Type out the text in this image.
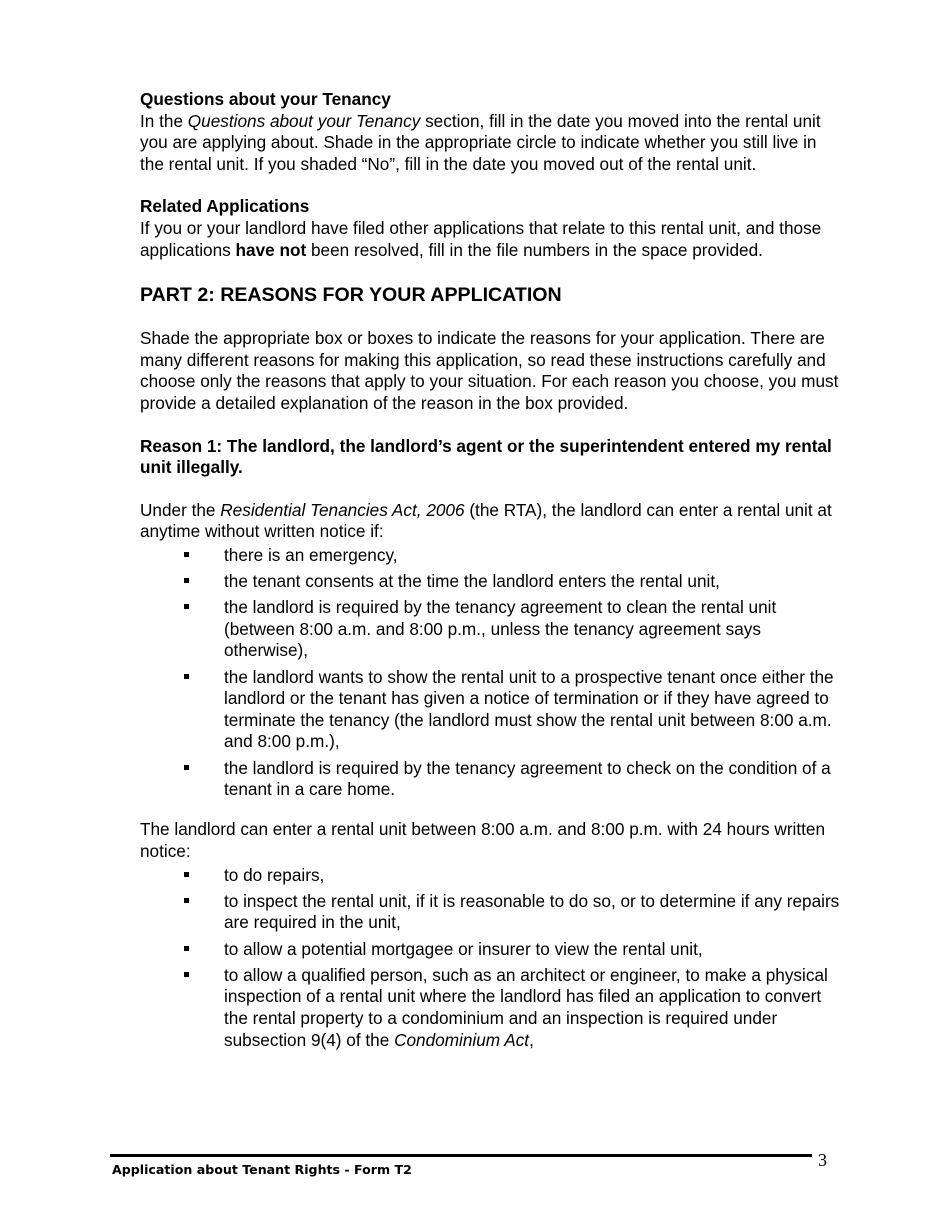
Questions about your Tenancy

In the Questions about your Tenancy section, fill in the date you moved into the rental unit you are applying about. Shade in the appropriate circle to indicate whether you still live in the rental unit. If you shaded “No”, fill in the date you moved out of the rental unit.

Related Applications

If you or your landlord have filed other applications that relate to this rental unit, and those applications have not been resolved, fill in the file numbers in the space provided.

PART 2: REASONS FOR YOUR APPLICATION

Shade the appropriate box or boxes to indicate the reasons for your application. There are many different reasons for making this application, so read these instructions carefully and choose only the reasons that apply to your situation. For each reason you choose, you must provide a detailed explanation of the reason in the box provided.

Reason 1: The landlord, the landlord’s agent or the superintendent entered my rental unit illegally.

Under the Residential Tenancies Act, 2006 (the RTA), the landlord can enter a rental unit at anytime without written notice if:

there is an emergency,
the tenant consents at the time the landlord enters the rental unit,
the landlord is required by the tenancy agreement to clean the rental unit (between 8:00 a.m. and 8:00 p.m., unless the tenancy agreement says otherwise),
the landlord wants to show the rental unit to a prospective tenant once either the landlord or the tenant has given a notice of termination or if they have agreed to terminate the tenancy (the landlord must show the rental unit between 8:00 a.m. and 8:00 p.m.),
the landlord is required by the tenancy agreement to check on the condition of a tenant in a care home.

The landlord can enter a rental unit between 8:00 a.m. and 8:00 p.m. with 24 hours written notice:

to do repairs,
to inspect the rental unit, if it is reasonable to do so, or to determine if any repairs are required in the unit,
to allow a potential mortgagee or insurer to view the rental unit,
to allow a qualified person, such as an architect or engineer, to make a physical inspection of a rental unit where the landlord has filed an application to convert the rental property to a condominium and an inspection is required under subsection 9(4) of the Condominium Act,
Application about Tenant Rights - Form T2	3
